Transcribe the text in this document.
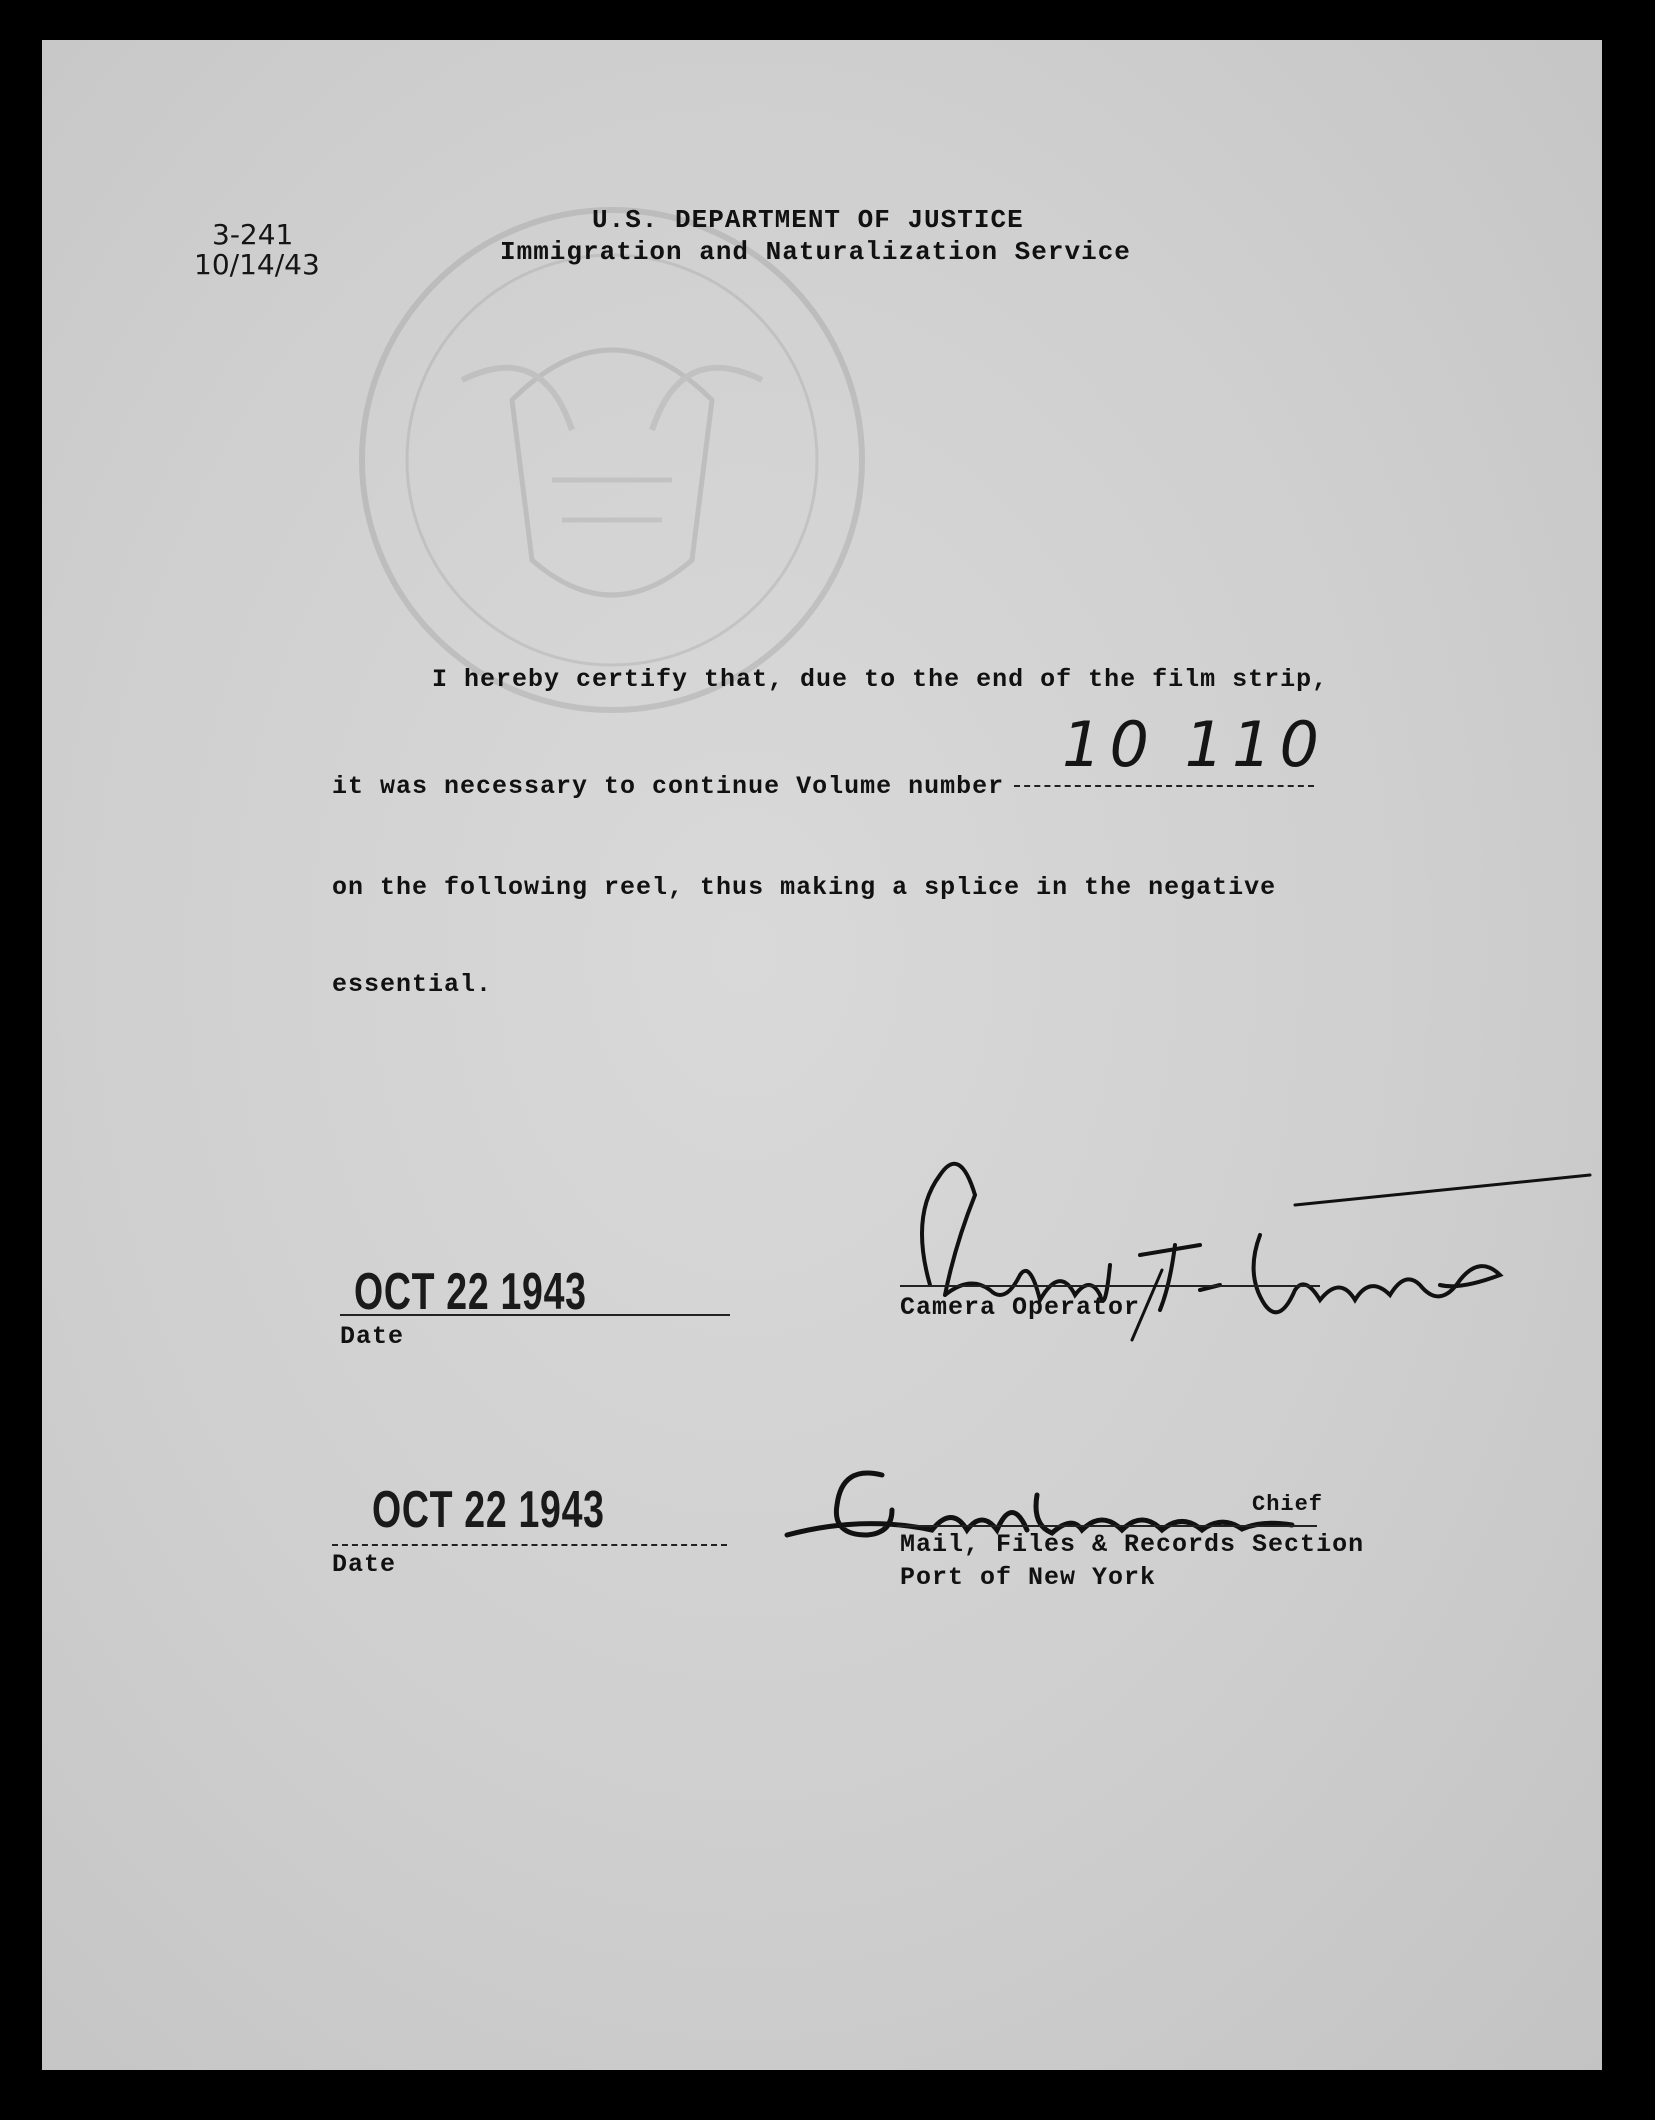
3-241
10/14/43
U.S. DEPARTMENT OF JUSTICE
Immigration and Naturalization Service
I hereby certify that, due to the end of the film strip,
it was necessary to continue Volume number
10 110
on the following reel, thus making a splice in the negative
essential.
OCT 22 1943
Date
Camera Operator
OCT 22 1943
Date
Chief
Mail, Files & Records Section
Port of New York
